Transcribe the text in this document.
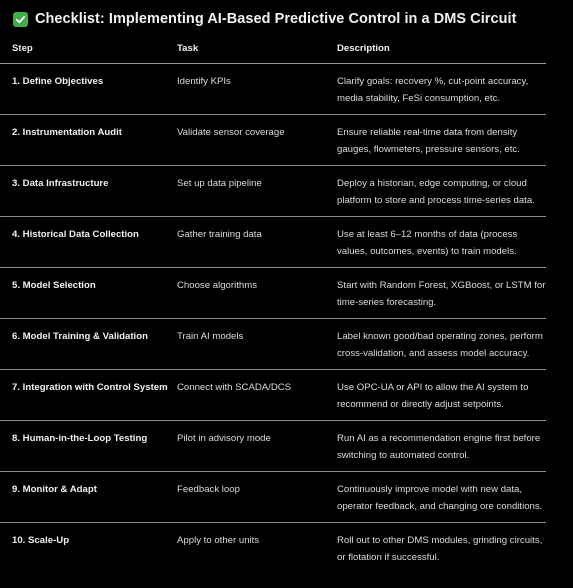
Checklist: Implementing AI-Based Predictive Control in a DMS Circuit
Step	Task	Description
1. Define Objectives	Identify KPIs	Clarify goals: recovery %, cut-point accuracy, media stability, FeSi consumption, etc.
2. Instrumentation Audit	Validate sensor coverage	Ensure reliable real-time data from density gauges, flowmeters, pressure sensors, etc.
3. Data Infrastructure	Set up data pipeline	Deploy a historian, edge computing, or cloud platform to store and process time-series data.
4. Historical Data Collection	Gather training data	Use at least 6–12 months of data (process values, outcomes, events) to train models.
5. Model Selection	Choose algorithms	Start with Random Forest, XGBoost, or LSTM for time-series forecasting.
6. Model Training & Validation	Train AI models	Label known good/bad operating zones, perform cross-validation, and assess model accuracy.
7. Integration with Control System	Connect with SCADA/DCS	Use OPC-UA or API to allow the AI system to recommend or directly adjust setpoints.
8. Human-in-the-Loop Testing	Pilot in advisory mode	Run AI as a recommendation engine first before switching to automated control.
9. Monitor & Adapt	Feedback loop	Continuously improve model with new data, operator feedback, and changing ore conditions.
10. Scale-Up	Apply to other units	Roll out to other DMS modules, grinding circuits, or flotation if successful.
